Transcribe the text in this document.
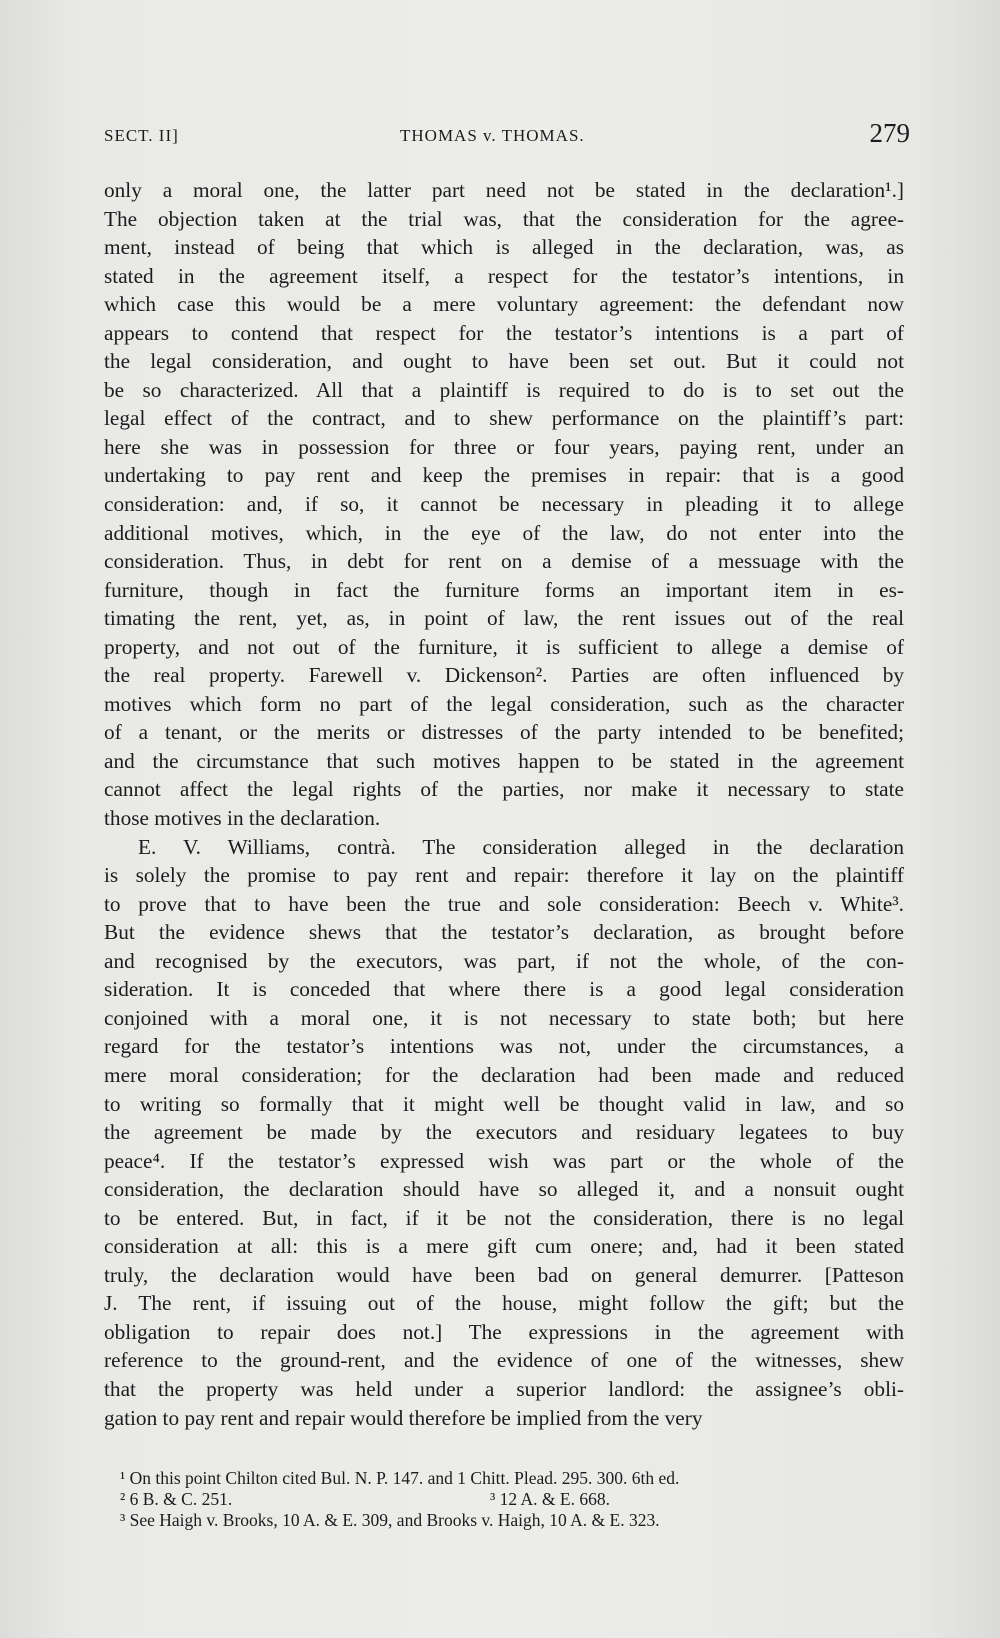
SECT. II]	THOMAS v. THOMAS.	279
only a moral one, the latter part need not be stated in the declaration¹.]
The objection taken at the trial was, that the consideration for the agree-
ment, instead of being that which is alleged in the declaration, was, as
stated in the agreement itself, a respect for the testator’s intentions, in
which case this would be a mere voluntary agreement: the defendant now
appears to contend that respect for the testator’s intentions is a part of
the legal consideration, and ought to have been set out. But it could not
be so characterized. All that a plaintiff is required to do is to set out the
legal effect of the contract, and to shew performance on the plaintiff’s part:
here she was in possession for three or four years, paying rent, under an
undertaking to pay rent and keep the premises in repair: that is a good
consideration: and, if so, it cannot be necessary in pleading it to allege
additional motives, which, in the eye of the law, do not enter into the
consideration. Thus, in debt for rent on a demise of a messuage with the
furniture, though in fact the furniture forms an important item in es-
timating the rent, yet, as, in point of law, the rent issues out of the real
property, and not out of the furniture, it is sufficient to allege a demise of
the real property. Farewell v. Dickenson². Parties are often influenced by
motives which form no part of the legal consideration, such as the character
of a tenant, or the merits or distresses of the party intended to be benefited;
and the circumstance that such motives happen to be stated in the agreement
cannot affect the legal rights of the parties, nor make it necessary to state
those motives in the declaration.
E. V. Williams, contrà. The consideration alleged in the declaration
is solely the promise to pay rent and repair: therefore it lay on the plaintiff
to prove that to have been the true and sole consideration: Beech v. White³.
But the evidence shews that the testator’s declaration, as brought before
and recognised by the executors, was part, if not the whole, of the con-
sideration. It is conceded that where there is a good legal consideration
conjoined with a moral one, it is not necessary to state both; but here
regard for the testator’s intentions was not, under the circumstances, a
mere moral consideration; for the declaration had been made and reduced
to writing so formally that it might well be thought valid in law, and so
the agreement be made by the executors and residuary legatees to buy
peace⁴. If the testator’s expressed wish was part or the whole of the
consideration, the declaration should have so alleged it, and a nonsuit ought
to be entered. But, in fact, if it be not the consideration, there is no legal
consideration at all: this is a mere gift cum onere; and, had it been stated
truly, the declaration would have been bad on general demurrer. [Patteson
J. The rent, if issuing out of the house, might follow the gift; but the
obligation to repair does not.] The expressions in the agreement with
reference to the ground-rent, and the evidence of one of the witnesses, shew
that the property was held under a superior landlord: the assignee’s obli-
gation to pay rent and repair would therefore be implied from the very
¹ On this point Chilton cited Bul. N. P. 147. and 1 Chitt. Plead. 295. 300. 6th ed.
² 6 B. & C. 251.	³ 12 A. & E. 668.
³ See Haigh v. Brooks, 10 A. & E. 309, and Brooks v. Haigh, 10 A. & E. 323.
